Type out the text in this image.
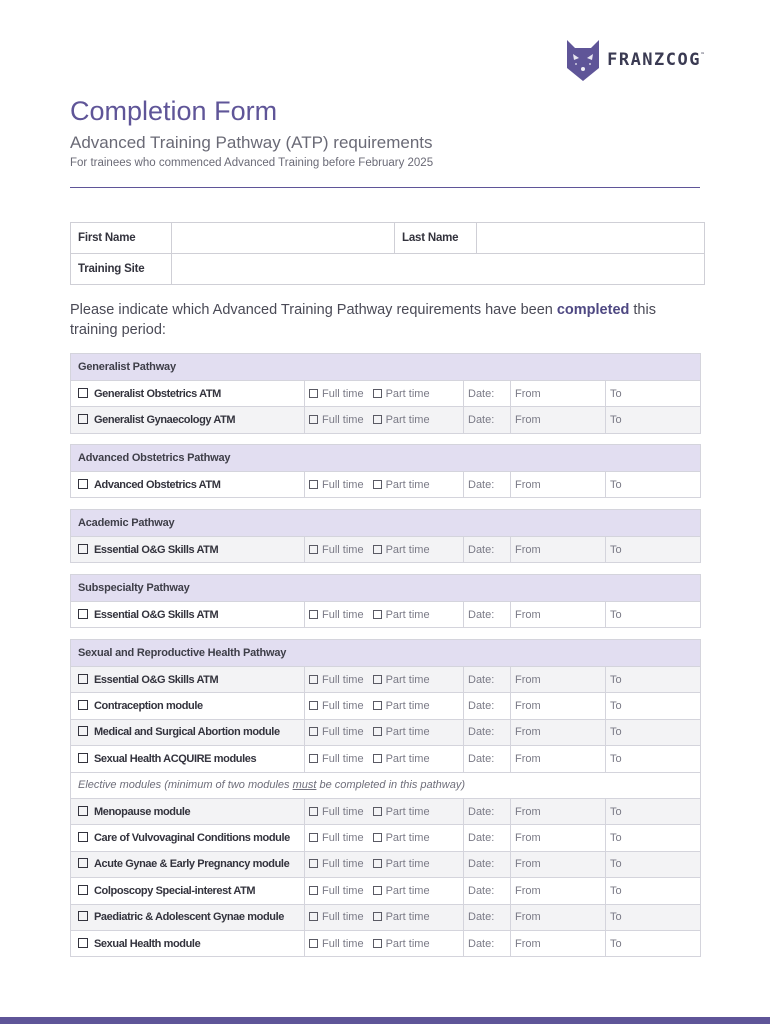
FRANZCOG™
Completion Form
Advanced Training Pathway (ATP) requirements
For trainees who commenced Advanced Training before February 2025
First Name		Last Name	
Training Site			

Please indicate which Advanced Training Pathway requirements have been completed this training period:

Generalist Pathway				
Generalist Obstetrics ATM	Full time Part time	Date:	From	To
Generalist Gynaecology ATM	Full time Part time	Date:	From	To
Advanced Obstetrics Pathway
Advanced Obstetrics ATM	Full time Part time	Date:	From	To
Academic Pathway
Essential O&G Skills ATM	Full time Part time	Date:	From	To
Subspecialty Pathway
Essential O&G Skills ATM	Full time Part time	Date:	From	To
Sexual and Reproductive Health Pathway				
Essential O&G Skills ATM	Full time Part time	Date:	From	To
Contraception module	Full time Part time	Date:	From	To
Medical and Surgical Abortion module	Full time Part time	Date:	From	To
Sexual Health ACQUIRE modules	Full time Part time	Date:	From	To
Elective modules (minimum of two modules must be completed in this pathway)				
Menopause module	Full time Part time	Date:	From	To
Care of Vulvovaginal Conditions module	Full time Part time	Date:	From	To
Acute Gynae & Early Pregnancy module	Full time Part time	Date:	From	To
Colposcopy Special-interest ATM	Full time Part time	Date:	From	To
Paediatric & Adolescent Gynae module	Full time Part time	Date:	From	To
Sexual Health module	Full time Part time	Date:	From	To
